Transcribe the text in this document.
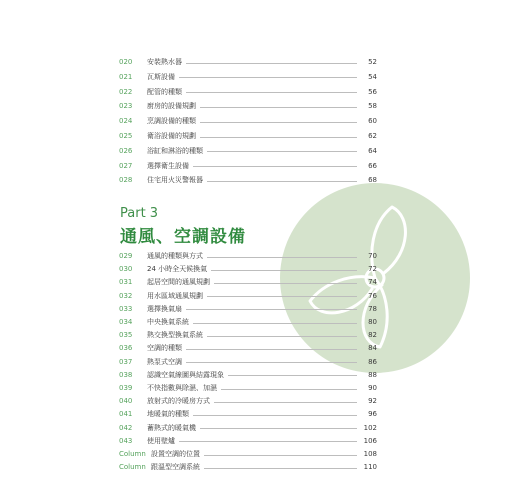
020	安裝熱水器	52
021	瓦斯設備	54
022	配管的種類	56
023	廚房的設備規劃	58
024	烹調設備的種類	60
025	衛浴設備的規劃	62
026	浴缸和淋浴的種類	64
027	選擇衛生設備	66
028	住宅用火災警報器	68
Part 3
通風、空調設備
029	通風的種類與方式	70
030	24 小時全天候換氣	72
031	起居空間的通風規劃	74
032	用水區域通風規劃	76
033	選擇換氣扇	78
034	中央換氣系統	80
035	熱交換型換氣系統	82
036	空調的種類	84
037	熱泵式空調	86
038	認識空氣線圖與結露現象	88
039	不快指數與除濕、加濕	90
040	放射式的冷暖房方式	92
041	地暖氣的種類	96
042	蓄熱式的暖氣機	102
043	使用壁爐	106
Column 設置空調的位置	108
Column 跟溫型空調系統	110
